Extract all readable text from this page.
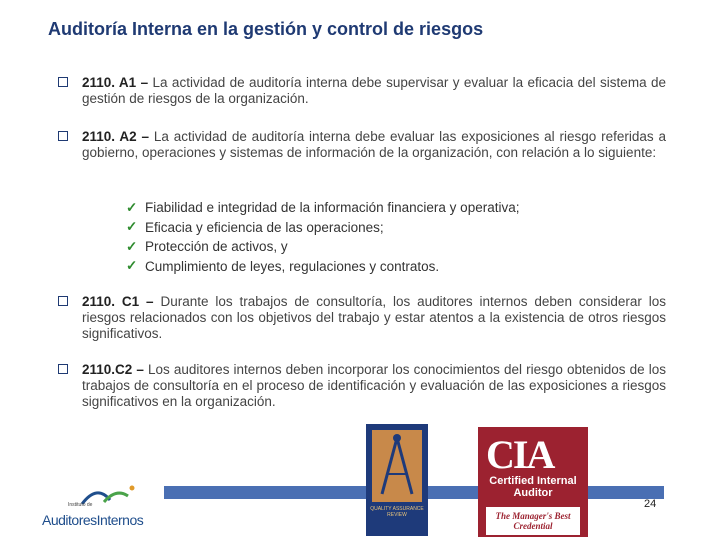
Auditoría Interna en la gestión y control de riesgos
2110. A1 – La actividad de auditoría interna debe supervisar y evaluar la eficacia del sistema de gestión de riesgos de la organización.
2110. A2 – La actividad de auditoría interna debe evaluar las exposiciones al riesgo referidas a gobierno, operaciones y sistemas de información de la organización, con relación a lo siguiente:
✓ Fiabilidad e integridad de la información financiera y operativa;
✓ Eficacia y eficiencia de las operaciones;
✓ Protección de activos, y
✓ Cumplimiento de leyes, regulaciones y contratos.
2110. C1 – Durante los trabajos de consultoría, los auditores internos deben considerar los riesgos relacionados con los objetivos del trabajo y estar atentos a la existencia de otros riesgos significativos.
2110.C2 – Los auditores internos deben incorporar los conocimientos del riesgo obtenidos de los trabajos de consultoría en el proceso de identificación y evaluación de las exposiciones a riesgos significativos en la organización.
24
Instituto de
AuditoresInternos
QUALITY ASSURANCE REVIEW
CIA
Certified Internal Auditor
The Manager's Best Credential
